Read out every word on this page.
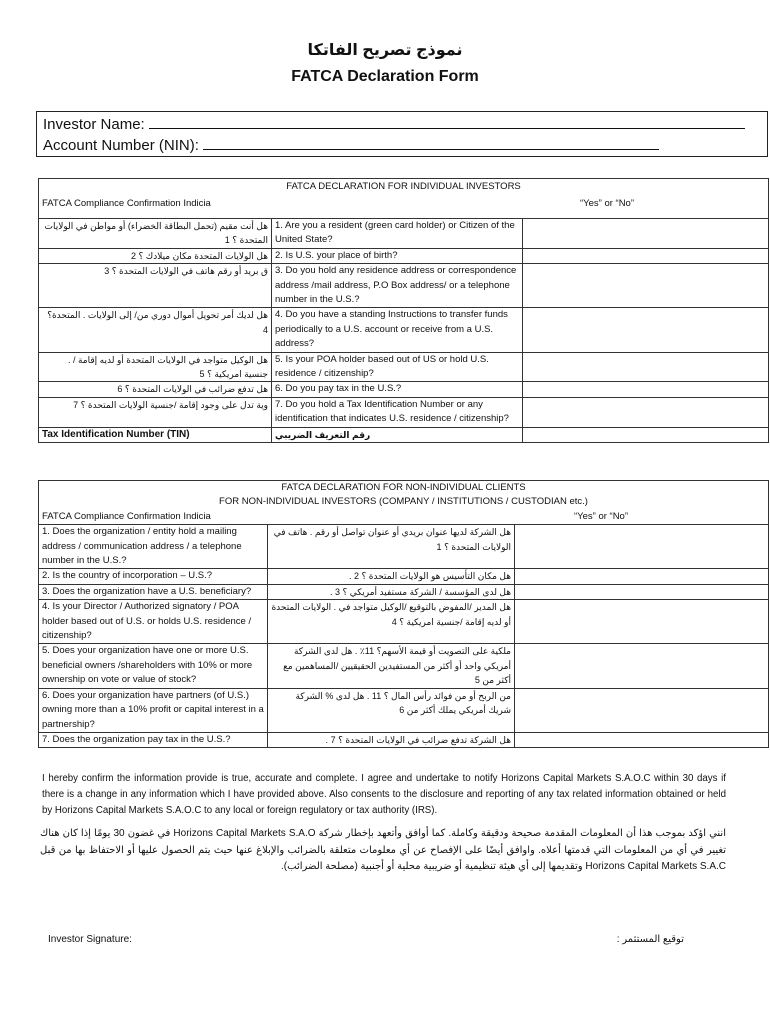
نموذج تصريح الفاتكا
FATCA Declaration Form
Investor Name:
Account Number (NIN):
FATCA DECLARATION FOR INDIVIDUAL INVESTORS		
FATCA Compliance Confirmation Indicia		“Yes” or “No”
هل أنت مقيم (تحمل البطاقة الخضراء) أو مواطن في الولايات المتحدة ؟ 1	1. Are you a resident (green card holder) or Citizen of the United State?	
هل الولايات المتحدة مكان ميلادك ؟ 2	2. Is U.S. your place of birth?	
ق بريد أو رقم هاتف في الولايات المتحدة ؟ 3	3. Do you hold any residence address or correspondence address /mail address, P.O Box address/ or a telephone number in the U.S.?	
هل لديك أمر تحويل أموال دوري من/ إلى الولايات . المتحدة؟ 4	4. Do you have a standing Instructions to transfer funds periodically to a U.S. account or receive from a U.S. address?	
هل الوكيل متواجد في الولايات المتحدة أو لديه إقامة / . جنسية امريكية ؟ 5	5. Is your POA holder based out of US or hold U.S. residence / citizenship?	
هل تدفع ضرائب في الولايات المتحدة ؟ 6	6. Do you pay tax in the U.S.?	
وية تدل على وجود إقامة /جنسية الولايات المتحدة ؟ 7	7. Do you hold a Tax Identification Number or any identification that indicates U.S. residence / citizenship?	
Tax Identification Number (TIN)	رقم التعريف الضريبي	
FATCA DECLARATION FOR NON-INDIVIDUAL CLIENTS		
FOR NON-INDIVIDUAL INVESTORS (COMPANY / INSTITUTIONS / CUSTODIAN etc.)		
FATCA Compliance Confirmation Indicia		“Yes” or “No”
1. Does the organization / entity hold a mailing address / communication address / a telephone number in the U.S.?	هل الشركة لديها عنوان بريدي أو عنوان تواصل أو رقم . هاتف في الولايات المتحدة ؟ 1	
2. Is the country of incorporation – U.S.?	هل مكان التأسيس هو الولايات المتحدة ؟ 2 .	
3. Does the organization have a U.S. beneficiary?	هل لدى المؤسسة / الشركة مستفيد أمريكي ؟ 3 .	
4. Is your Director / Authorized signatory / POA holder based out of U.S. or holds U.S. residence / citizenship?	هل المدير /المفوض بالتوقيع /الوكيل متواجد في . الولايات المتحدة أو لديه إقامة /جنسية امريكية ؟ 4	
5. Does your organization have one or more U.S. beneficial owners /shareholders with 10% or more ownership on vote or value of stock?	ملكية على التصويت أو قيمة الأسهم؟ 11٪ . هل لدى الشركة أمريكي واحد أو أكثر من المستفيدين الحقيقيين /المساهمين مع أكثر من 5	
6. Does your organization have partners (of U.S.) owning more than a 10% profit or capital interest in a partnership?	من الربح أو من فوائد رأس المال ؟ 11 . هل لدى % الشركة شريك أمريكي يملك أكثر من 6	
7. Does the organization pay tax in the U.S.?	هل الشركة تدفع ضرائب في الولايات المتحدة ؟ 7 .	
I hereby confirm the information provide is true, accurate and complete. I agree and undertake to notify Horizons Capital Markets S.A.O.C within 30 days if there is a change in any information which I have provided above. Also consents to the disclosure and reporting of any tax related information obtained or held by Horizons Capital Markets S.A.O.C to any local or foreign regulatory or tax authority (IRS).
انني اؤكد بموجب هذا أن المعلومات المقدمة صحيحة ودقيقة وكاملة. كما أوافق وأتعهد بإخطار شركة Horizons Capital Markets S.A.O في غضون 30 يومًا إذا كان هناك تغيير في أي من المعلومات التي قدمتها أعلاه. واوافق أيضًا على الإفصاح عن أي معلومات متعلقة بالضرائب والإبلاغ عنها حيث يتم الحصول عليها أو الاحتفاظ بها من قبل Horizons Capital Markets S.A.C وتقديمها إلى أي هيئة تنظيمية أو ضريبية محلية أو أجنبية (مصلحة الضرائب).
Investor Signature:	توقيع المستثمر :
